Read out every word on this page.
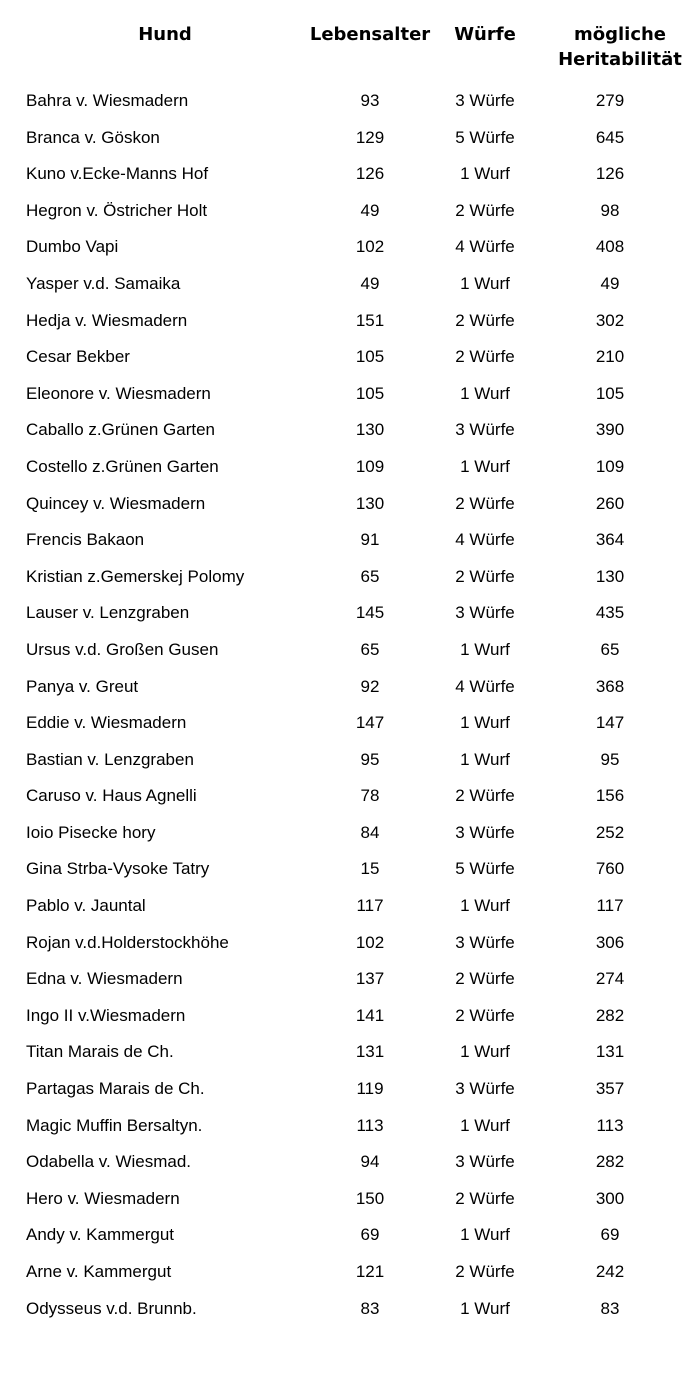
Hund	Lebensalter	Würfe	mögliche
Heritabilität
Bahra v. Wiesmadern	93	3 Würfe	279
Branca v. Göskon	129	5 Würfe	645
Kuno v.Ecke-Manns Hof	126	1 Wurf	126
Hegron v. Östricher Holt	49	2 Würfe	98
Dumbo Vapi	102	4 Würfe	408
Yasper v.d. Samaika	49	1 Wurf	49
Hedja v. Wiesmadern	151	2 Würfe	302
Cesar Bekber	105	2 Würfe	210
Eleonore v. Wiesmadern	105	1 Wurf	105
Caballo z.Grünen Garten	130	3 Würfe	390
Costello z.Grünen Garten	109	1 Wurf	109
Quincey v. Wiesmadern	130	2 Würfe	260
Frencis Bakaon	91	4 Würfe	364
Kristian z.Gemerskej Polomy	65	2 Würfe	130
Lauser v. Lenzgraben	145	3 Würfe	435
Ursus v.d. Großen Gusen	65	1 Wurf	65
Panya v. Greut	92	4 Würfe	368
Eddie v. Wiesmadern	147	1 Wurf	147
Bastian v. Lenzgraben	95	1 Wurf	95
Caruso v. Haus Agnelli	78	2 Würfe	156
Ioio Pisecke hory	84	3 Würfe	252
Gina Strba-Vysoke Tatry	15	5 Würfe	760
Pablo v. Jauntal	117	1 Wurf	117
Rojan v.d.Holderstockhöhe	102	3 Würfe	306
Edna v. Wiesmadern	137	2 Würfe	274
Ingo II v.Wiesmadern	141	2 Würfe	282
Titan Marais de Ch.	131	1 Wurf	131
Partagas Marais de Ch.	119	3 Würfe	357
Magic Muffin Bersaltyn.	113	1 Wurf	113
Odabella v. Wiesmad.	94	3 Würfe	282
Hero v. Wiesmadern	150	2 Würfe	300
Andy v. Kammergut	69	1 Wurf	69
Arne v. Kammergut	121	2 Würfe	242
Odysseus v.d. Brunnb.	83	1 Wurf	83
